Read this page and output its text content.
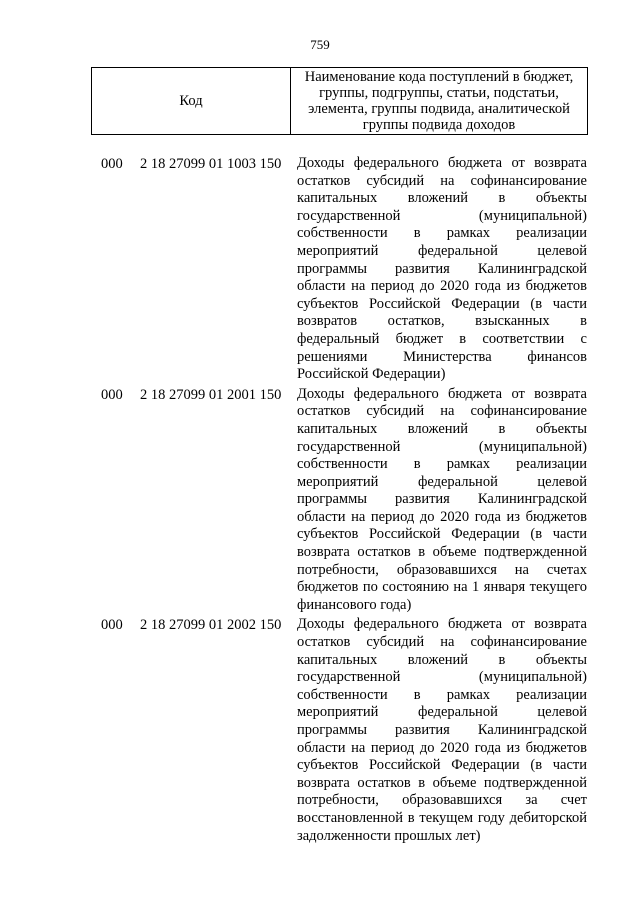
759
Код
Наименование кода поступлений в бюджет, группы, подгруппы, статьи, подстатьи, элемента, группы подвида, аналитической группы подвида доходов
000 2 18 27099 01 1003 150 Доходы федерального бюджета от возврата остатков субсидий на софинансирование капитальных вложений в объекты государственной (муниципальной) собственности в рамках реализации мероприятий федеральной целевой программы развития Калининградской области на период до 2020 года из бюджетов субъектов Российской Федерации (в части возвратов остатков, взысканных в федеральный бюджет в соответствии с решениями Министерства финансов Российской Федерации)
000 2 18 27099 01 2001 150 Доходы федерального бюджета от возврата остатков субсидий на софинансирование капитальных вложений в объекты государственной (муниципальной) собственности в рамках реализации мероприятий федеральной целевой программы развития Калининградской области на период до 2020 года из бюджетов субъектов Российской Федерации (в части возврата остатков в объеме подтвержденной потребности, образовавшихся на счетах бюджетов по состоянию на 1 января текущего финансового года)
000 2 18 27099 01 2002 150 Доходы федерального бюджета от возврата остатков субсидий на софинансирование капитальных вложений в объекты государственной (муниципальной) собственности в рамках реализации мероприятий федеральной целевой программы развития Калининградской области на период до 2020 года из бюджетов субъектов Российской Федерации (в части возврата остатков в объеме подтвержденной потребности, образовавшихся за счет восстановленной в текущем году дебиторской задолженности прошлых лет)
